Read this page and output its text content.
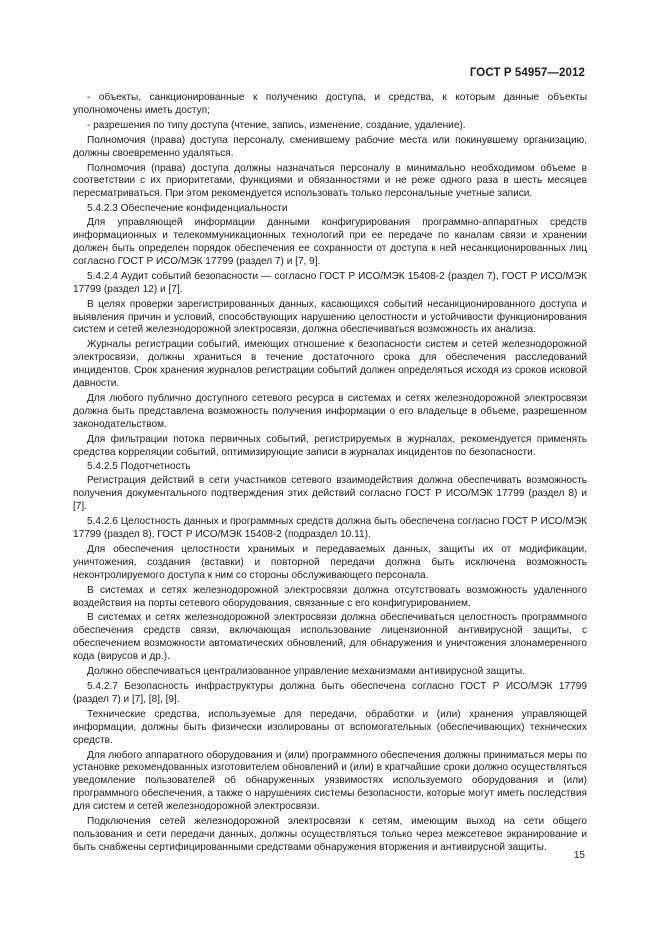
ГОСТ Р 54957—2012

- объекты, санкционированные к получению доступа, и средства, к которым данные объекты уполномочены иметь доступ;

- разрешения по типу доступа (чтение, запись, изменение, создание, удаление).

Полномочия (права) доступа персоналу, сменившему рабочие места или покинувшему организацию, должны своевременно удаляться.

Полномочия (права) доступа должны назначаться персоналу в минимально необходимом объеме в соответствии с их приоритетами, функциями и обязанностями и не реже одного раза в шесть месяцев пересматриваться. При этом рекомендуется использовать только персональные учетные записи.

5.4.2.3 Обеспечение конфиденциальности

Для управляющей информации данными конфигурирования программно-аппаратных средств информационных и телекоммуникационных технологий при ее передаче по каналам связи и хранении должен быть определен порядок обеспечения ее сохранности от доступа к ней несанкционированных лиц согласно ГОСТ Р ИСО/МЭК 17799 (раздел 7) и [7, 9].

5.4.2.4 Аудит событий безопасности — согласно ГОСТ Р ИСО/МЭК 15408-2 (раздел 7), ГОСТ Р ИСО/МЭК 17799 (раздел 12) и [7].

В целях проверки зарегистрированных данных, касающихся событий несанкционированного доступа и выявления причин и условий, способствующих нарушению целостности и устойчивости функционирования систем и сетей железнодорожной электросвязи, должна обеспечиваться возможность их анализа.

Журналы регистрации событий, имеющих отношение к безопасности систем и сетей железнодорожной электросвязи, должны храниться в течение достаточного срока для обеспечения расследований инцидентов. Срок хранения журналов регистрации событий должен определяться исходя из сроков исковой давности.

Для любого публично доступного сетевого ресурса в системах и сетях железнодорожной электросвязи должна быть представлена возможность получения информации о его владельце в объеме, разрешенном законодательством.

Для фильтрации потока первичных событий, регистрируемых в журналах, рекомендуется применять средства корреляции событий, оптимизирующие записи в журналах инцидентов по безопасности.

5.4.2.5 Подотчетность

Регистрация действий в сети участников сетевого взаимодействия должна обеспечивать возможность получения документального подтверждения этих действий согласно ГОСТ Р ИСО/МЭК 17799 (раздел 8) и [7].

5.4.2.6 Целостность данных и программных средств должна быть обеспечена согласно ГОСТ Р ИСО/МЭК 17799 (раздел 8), ГОСТ Р ИСО/МЭК 15408-2 (подраздел 10.11).

Для обеспечения целостности хранимых и передаваемых данных, защиты их от модификации, уничтожения, создания (вставки) и повторной передачи должна быть исключена возможность неконтролируемого доступа к ним со стороны обслуживающего персонала.

В системах и сетях железнодорожной электросвязи должна отсутствовать возможность удаленного воздействия на порты сетевого оборудования, связанные с его конфигурированием.

В системах и сетях железнодорожной электросвязи должна обеспечиваться целостность программного обеспечения средств связи, включающая использование лицензионной антивирусной защиты, с обеспечением возможности автоматических обновлений, для обнаружения и уничтожения злонамеренного кода (вирусов и др.).

Должно обеспечиваться централизованное управление механизмами антивирусной защиты.

5.4.2.7 Безопасность инфраструктуры должна быть обеспечена согласно ГОСТ Р ИСО/МЭК 17799 (раздел 7) и [7], [8], [9].

Технические средства, используемые для передачи, обработки и (или) хранения управляющей информации, должны быть физически изолированы от вспомогательных (обеспечивающих) технических средств.

Для любого аппаратного оборудования и (или) программного обеспечения должны приниматься меры по установке рекомендованных изготовителем обновлений и (или) в кратчайшие сроки должно осуществляться уведомление пользователей об обнаруженных уязвимостях используемого оборудования и (или) программного обеспечения, а также о нарушениях системы безопасности, которые могут иметь последствия для систем и сетей железнодорожной электросвязи.

Подключения сетей железнодорожной электросвязи к сетям, имеющим выход на сети общего пользования и сети передачи данных, должны осуществляться только через межсетевое экранирование и быть снабжены сертифицированными средствами обнаружения вторжения и антивирусной защиты.

15
